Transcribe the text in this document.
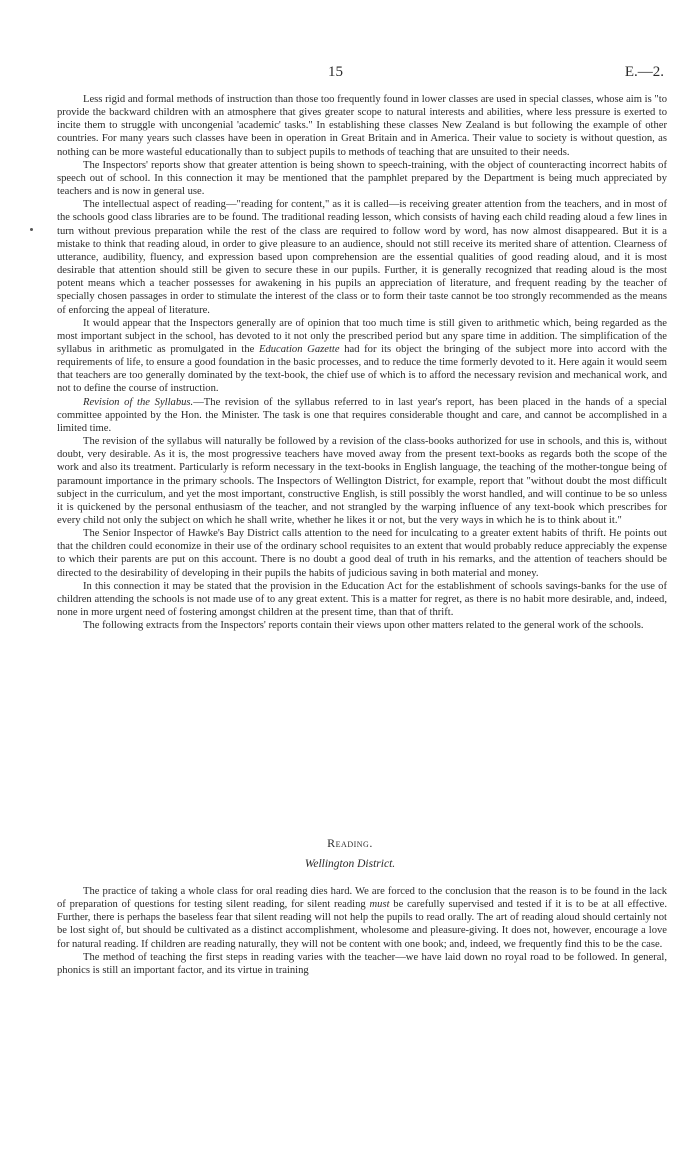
15	E.—2.

Less rigid and formal methods of instruction than those too frequently found in lower classes are used in special classes, whose aim is "to provide the backward children with an atmosphere that gives greater scope to natural interests and abilities, where less pressure is exerted to incite them to struggle with uncongenial 'academic' tasks." In establishing these classes New Zealand is but following the example of other countries. For many years such classes have been in operation in Great Britain and in America. Their value to society is without question, as nothing can be more wasteful educationally than to subject pupils to methods of teaching that are unsuited to their needs.

The Inspectors' reports show that greater attention is being shown to speech-training, with the object of counteracting incorrect habits of speech out of school. In this connection it may be mentioned that the pamphlet prepared by the Department is being much appreciated by teachers and is now in general use.

The intellectual aspect of reading—"reading for content," as it is called—is receiving greater attention from the teachers, and in most of the schools good class libraries are to be found. The traditional reading lesson, which consists of having each child reading aloud a few lines in turn without previous preparation while the rest of the class are required to follow word by word, has now almost disappeared. But it is a mistake to think that reading aloud, in order to give pleasure to an audience, should not still receive its merited share of attention. Clearness of utterance, audibility, fluency, and expression based upon comprehension are the essential qualities of good reading aloud, and it is most desirable that attention should still be given to secure these in our pupils. Further, it is generally recognized that reading aloud is the most potent means which a teacher possesses for awakening in his pupils an appreciation of literature, and frequent reading by the teacher of specially chosen passages in order to stimulate the interest of the class or to form their taste cannot be too strongly recommended as the means of enforcing the appeal of literature.

It would appear that the Inspectors generally are of opinion that too much time is still given to arithmetic which, being regarded as the most important subject in the school, has devoted to it not only the prescribed period but any spare time in addition. The simplification of the syllabus in arithmetic as promulgated in the Education Gazette had for its object the bringing of the subject more into accord with the requirements of life, to ensure a good foundation in the basic processes, and to reduce the time formerly devoted to it. Here again it would seem that teachers are too generally dominated by the text-book, the chief use of which is to afford the necessary revision and mechanical work, and not to define the course of instruction.

Revision of the Syllabus.—The revision of the syllabus referred to in last year's report, has been placed in the hands of a special committee appointed by the Hon. the Minister. The task is one that requires considerable thought and care, and cannot be accomplished in a limited time.

The revision of the syllabus will naturally be followed by a revision of the class-books authorized for use in schools, and this is, without doubt, very desirable. As it is, the most progressive teachers have moved away from the present text-books as regards both the scope of the work and also its treatment. Particularly is reform necessary in the text-books in English language, the teaching of the mother-tongue being of paramount importance in the primary schools. The Inspectors of Wellington District, for example, report that "without doubt the most difficult subject in the curriculum, and yet the most important, constructive English, is still possibly the worst handled, and will continue to be so unless it is quickened by the personal enthusiasm of the teacher, and not strangled by the warping influence of any text-book which prescribes for every child not only the subject on which he shall write, whether he likes it or not, but the very ways in which he is to think about it."

The Senior Inspector of Hawke's Bay District calls attention to the need for inculcating to a greater extent habits of thrift. He points out that the children could economize in their use of the ordinary school requisites to an extent that would probably reduce appreciably the expense to which their parents are put on this account. There is no doubt a good deal of truth in his remarks, and the attention of teachers should be directed to the desirability of developing in their pupils the habits of judicious saving in both material and money.

In this connection it may be stated that the provision in the Education Act for the establishment of schools savings-banks for the use of children attending the schools is not made use of to any great extent. This is a matter for regret, as there is no habit more desirable, and, indeed, none in more urgent need of fostering amongst children at the present time, than that of thrift.

The following extracts from the Inspectors' reports contain their views upon other matters related to the general work of the schools.

Reading.
Wellington District.

The practice of taking a whole class for oral reading dies hard. We are forced to the conclusion that the reason is to be found in the lack of preparation of questions for testing silent reading, for silent reading must be carefully supervised and tested if it is to be at all effective. Further, there is perhaps the baseless fear that silent reading will not help the pupils to read orally. The art of reading aloud should certainly not be lost sight of, but should be cultivated as a distinct accomplishment, wholesome and pleasure-giving. It does not, however, encourage a love for natural reading. If children are reading naturally, they will not be content with one book; and, indeed, we frequently find this to be the case.

The method of teaching the first steps in reading varies with the teacher—we have laid down no royal road to be followed. In general, phonics is still an important factor, and its virtue in training
